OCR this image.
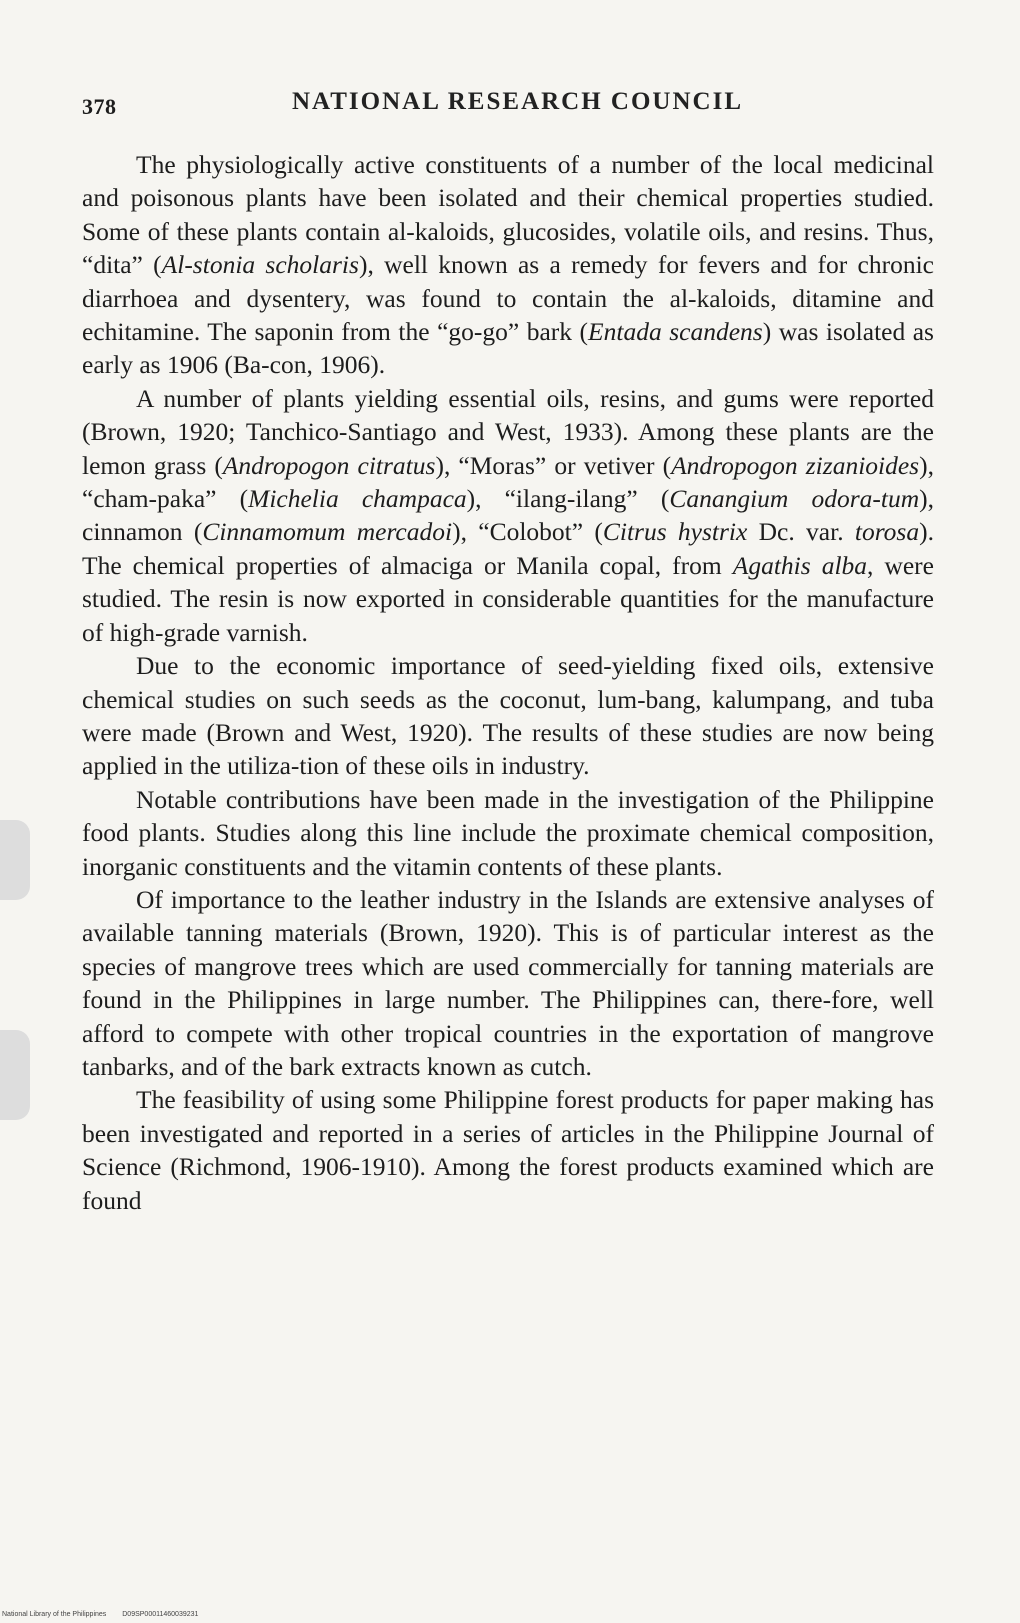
378	NATIONAL RESEARCH COUNCIL

The physiologically active constituents of a number of the local medicinal and poisonous plants have been isolated and their chemical properties studied. Some of these plants contain al-kaloids, glucosides, volatile oils, and resins. Thus, “dita” (Al-stonia scholaris), well known as a remedy for fevers and for chronic diarrhoea and dysentery, was found to contain the al-kaloids, ditamine and echitamine. The saponin from the “go-go” bark (Entada scandens) was isolated as early as 1906 (Ba-con, 1906).

A number of plants yielding essential oils, resins, and gums were reported (Brown, 1920; Tanchico-Santiago and West, 1933). Among these plants are the lemon grass (Andropogon citratus), “Moras” or vetiver (Andropogon zizanioides), “cham-paka” (Michelia champaca), “ilang-ilang” (Canangium odora-tum), cinnamon (Cinnamomum mercadoi), “Colobot” (Citrus hystrix Dc. var. torosa). The chemical properties of almaciga or Manila copal, from Agathis alba, were studied. The resin is now exported in considerable quantities for the manufacture of high-grade varnish.

Due to the economic importance of seed-yielding fixed oils, extensive chemical studies on such seeds as the coconut, lum-bang, kalumpang, and tuba were made (Brown and West, 1920). The results of these studies are now being applied in the utiliza-tion of these oils in industry.

Notable contributions have been made in the investigation of the Philippine food plants. Studies along this line include the proximate chemical composition, inorganic constituents and the vitamin contents of these plants.

Of importance to the leather industry in the Islands are extensive analyses of available tanning materials (Brown, 1920). This is of particular interest as the species of mangrove trees which are used commercially for tanning materials are found in the Philippines in large number. The Philippines can, there-fore, well afford to compete with other tropical countries in the exportation of mangrove tanbarks, and of the bark extracts known as cutch.

The feasibility of using some Philippine forest products for paper making has been investigated and reported in a series of articles in the Philippine Journal of Science (Richmond, 1906-1910). Among the forest products examined which are found

National Library of the Philippines D09SP00011460039231
